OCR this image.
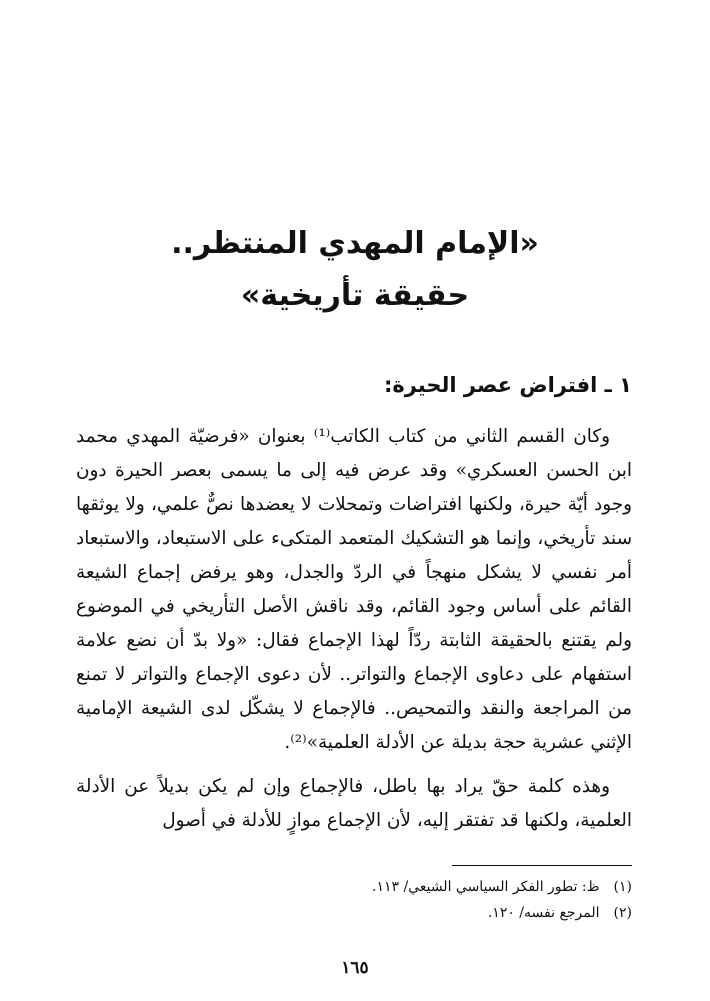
«الإمام المهدي المنتظر..
حقيقة تأريخية»
١ ـ افتراض عصر الحيرة:

وكان القسم الثاني من كتاب الكاتب⁽¹⁾ بعنوان «فرضيّة المهدي محمد ابن الحسن العسكري» وقد عرض فيه إلى ما يسمى بعصر الحيرة دون وجود أيّة حيرة، ولكنها افتراضات وتمحلات لا يعضدها نصٌّ علمي، ولا يوثقها سند تأريخي، وإنما هو التشكيك المتعمد المتكىء على الاستبعاد، والاستبعاد أمر نفسي لا يشكل منهجاً في الردّ والجدل، وهو يرفض إجماع الشيعة القائم على أساس وجود القائم، وقد ناقش الأصل التأريخي في الموضوع ولم يقتنع بالحقيقة الثابتة ردّاً لهذا الإجماع فقال: «ولا بدّ أن نضع علامة استفهام على دعاوى الإجماع والتواتر.. لأن دعوى الإجماع والتواتر لا تمنع من المراجعة والنقد والتمحيص.. فالإجماع لا يشكّل لدى الشيعة الإمامية الإثني عشرية حجة بديلة عن الأدلة العلمية»⁽²⁾.

وهذه كلمة حقّ يراد بها باطل، فالإجماع وإن لم يكن بديلاً عن الأدلة العلمية، ولكنها قد تفتقر إليه، لأن الإجماع موازٍ للأدلة في أصول

(١)ظ: تطور الفكر السياسي الشيعي/ ١١٣.
(٢)المرجع نفسه/ ١٢٠.
١٦٥
